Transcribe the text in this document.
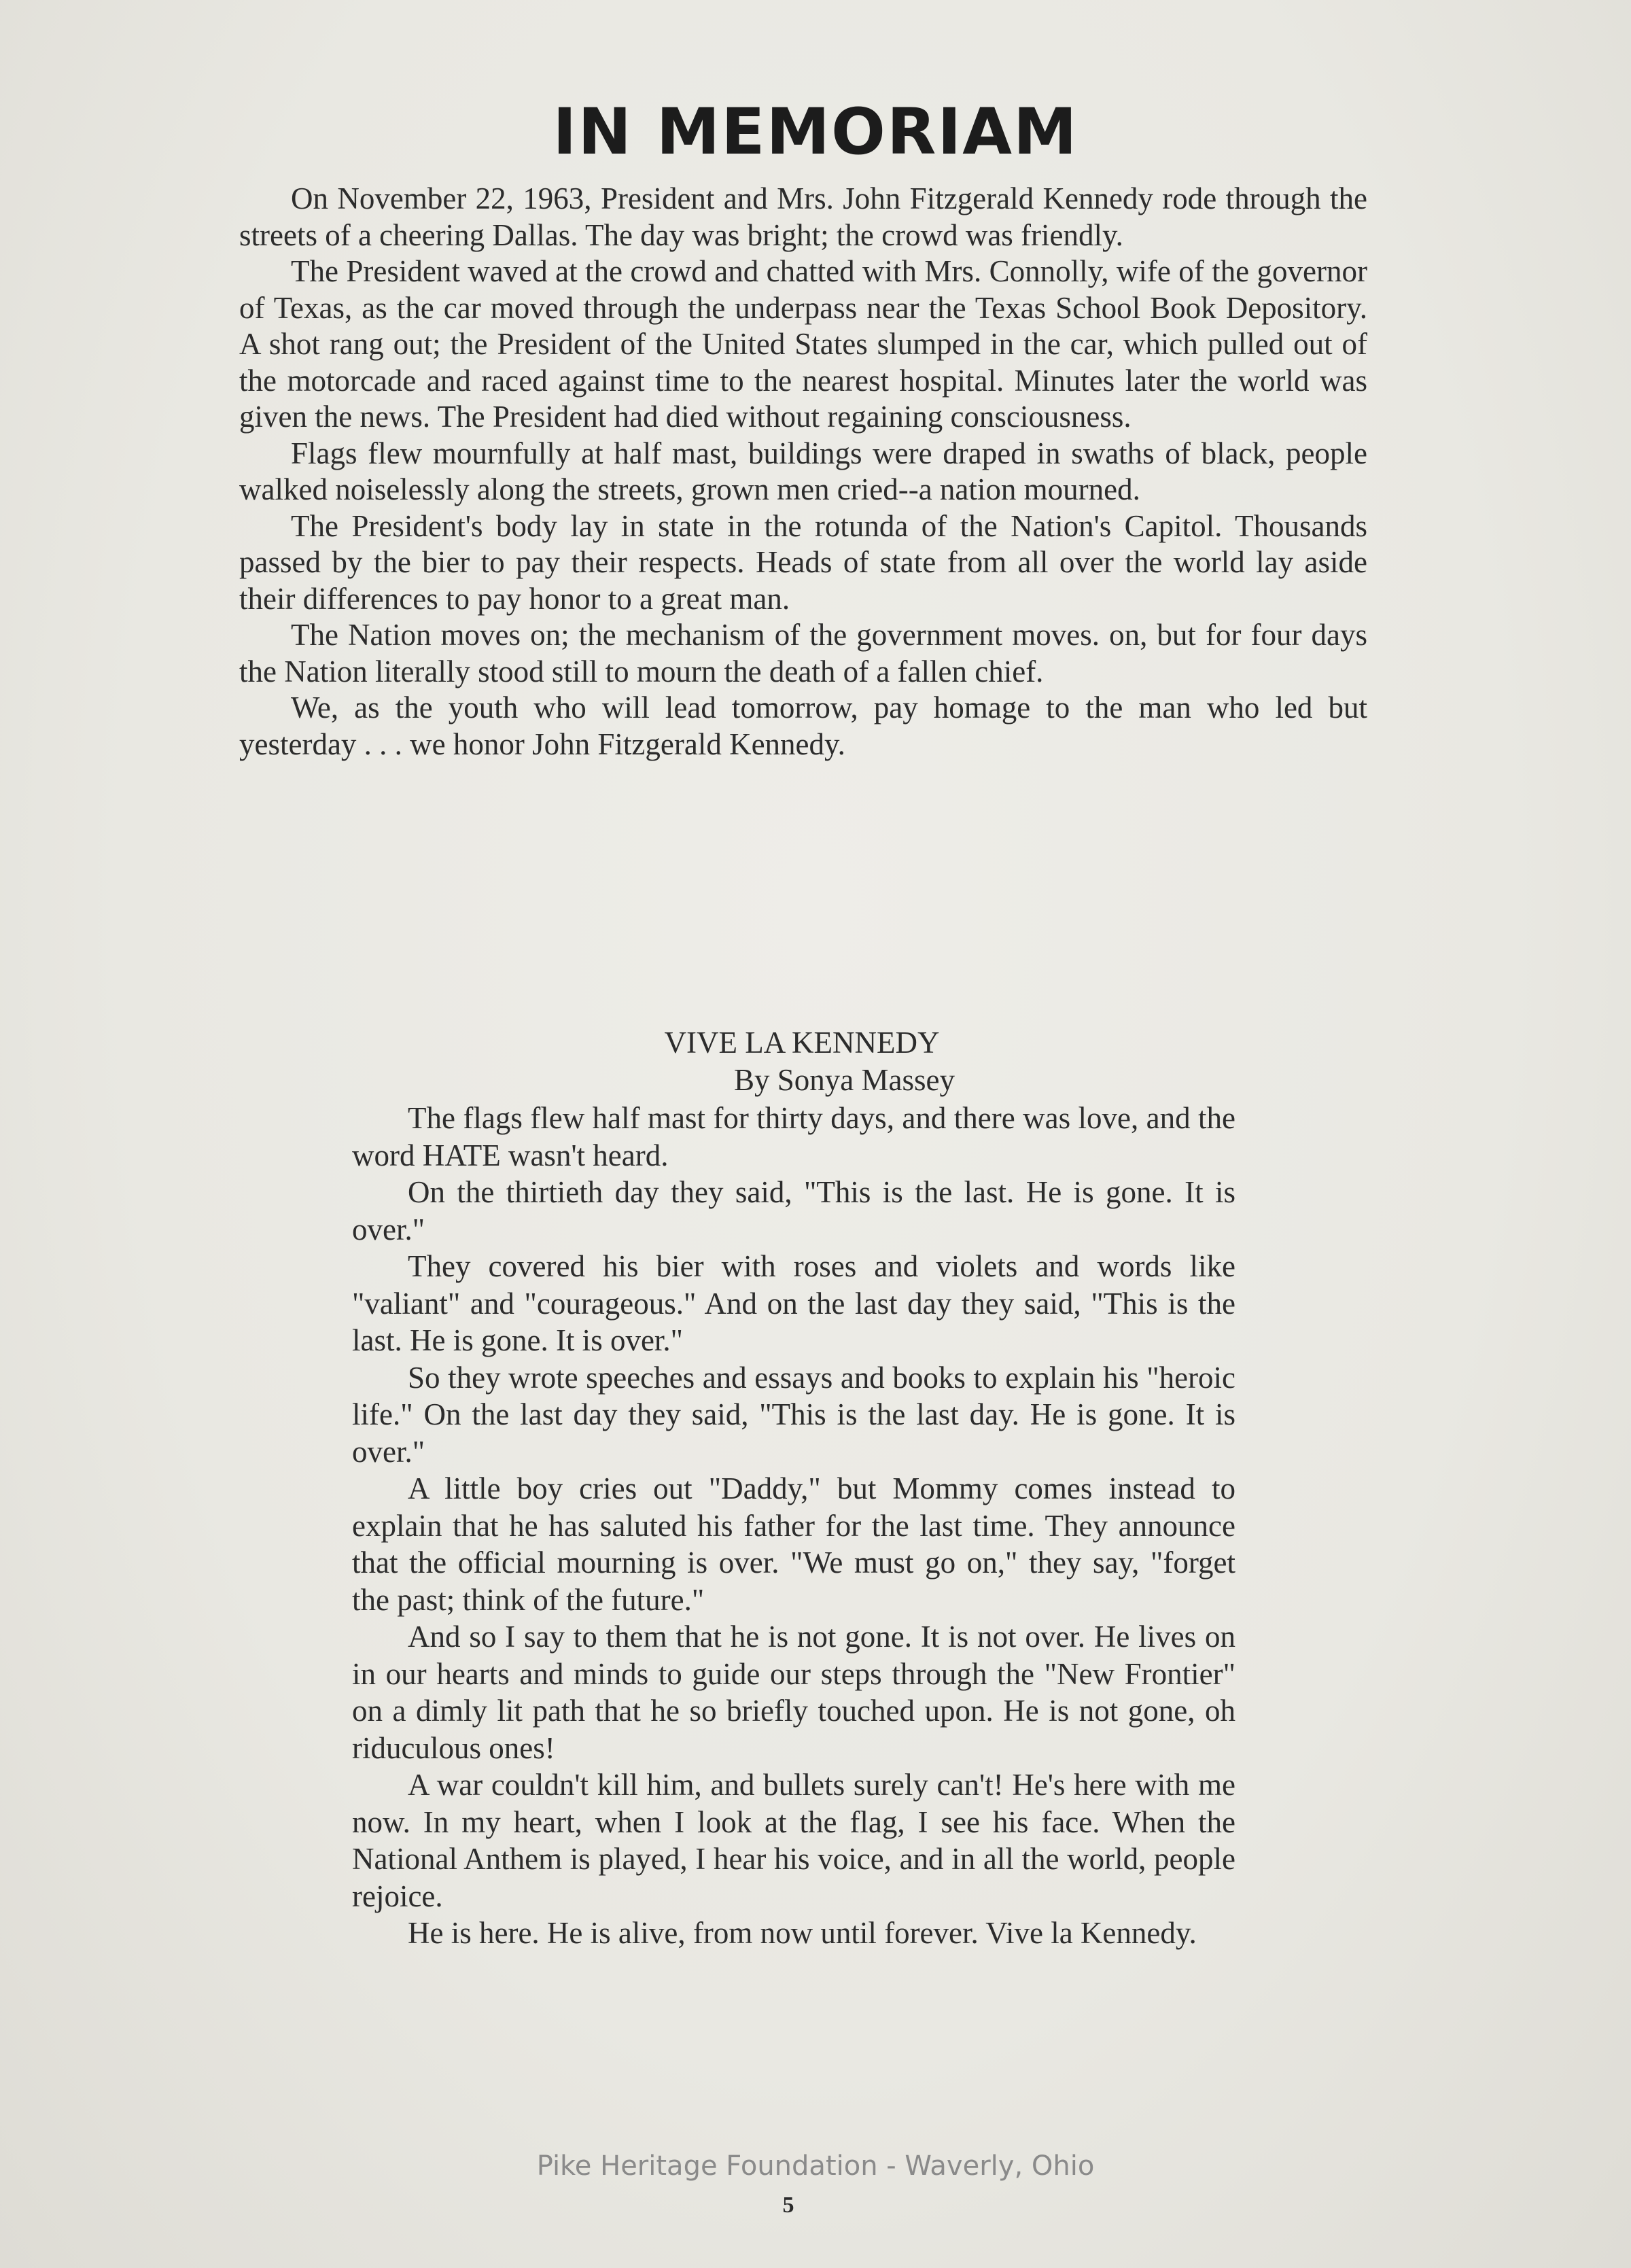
IN MEMORIAM

On November 22, 1963, President and Mrs. John Fitzgerald Kennedy rode through the streets of a cheering Dallas. The day was bright; the crowd was friendly.

The President waved at the crowd and chatted with Mrs. Connolly, wife of the governor of Texas, as the car moved through the underpass near the Texas School Book Depository. A shot rang out; the President of the United States slumped in the car, which pulled out of the motorcade and raced against time to the nearest hospital. Minutes later the world was given the news. The President had died without regaining consciousness.

Flags flew mournfully at half mast, buildings were draped in swaths of black, people walked noiselessly along the streets, grown men cried--a nation mourned.

The President's body lay in state in the rotunda of the Nation's Capitol. Thousands passed by the bier to pay their respects. Heads of state from all over the world lay aside their differences to pay honor to a great man.

The Nation moves on; the mechanism of the government moves. on, but for four days the Nation literally stood still to mourn the death of a fallen chief.

We, as the youth who will lead tomorrow, pay homage to the man who led but yesterday . . . we honor John Fitzgerald Kennedy.

VIVE LA KENNEDY
By Sonya Massey

The flags flew half mast for thirty days, and there was love, and the word HATE wasn't heard.

On the thirtieth day they said, "This is the last. He is gone. It is over."

They covered his bier with roses and violets and words like "valiant" and "courageous." And on the last day they said, "This is the last. He is gone. It is over."

So they wrote speeches and essays and books to explain his "heroic life." On the last day they said, "This is the last day. He is gone. It is over."

A little boy cries out "Daddy," but Mommy comes instead to explain that he has saluted his father for the last time. They announce that the official mourning is over. "We must go on," they say, "forget the past; think of the future."

And so I say to them that he is not gone. It is not over. He lives on in our hearts and minds to guide our steps through the "New Frontier" on a dimly lit path that he so briefly touched upon. He is not gone, oh riduculous ones!

A war couldn't kill him, and bullets surely can't! He's here with me now. In my heart, when I look at the flag, I see his face. When the National Anthem is played, I hear his voice, and in all the world, people rejoice.

He is here. He is alive, from now until forever. Vive la Kennedy.

Pike Heritage Foundation - Waverly, Ohio
5
